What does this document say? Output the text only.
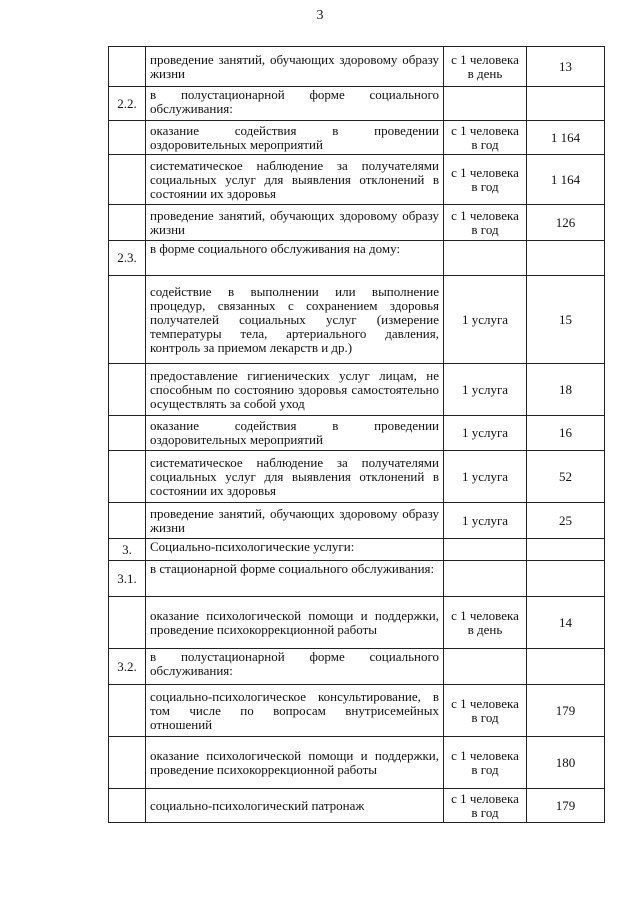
3
	проведение занятий, обучающих здоровому образу жизни	с 1 человека в день	13
2.2.	в полустационарной форме социального обслуживания:		
	оказание содействия в проведении оздоровительных мероприятий	с 1 человека в год	1 164
	систематическое наблюдение за получателями социальных услуг для выявления отклонений в состоянии их здоровья	с 1 человека в год	1 164
	проведение занятий, обучающих здоровому образу жизни	с 1 человека в год	126
2.3.	в форме социального обслуживания на дому:		
	содействие в выполнении или выполнение процедур, связанных с сохранением здоровья получателей социальных услуг (измерение температуры тела, артериального давления, контроль за приемом лекарств и др.)	1 услуга	15
	предоставление гигиенических услуг лицам, не способным по состоянию здоровья самостоятельно осуществлять за собой уход	1 услуга	18
	оказание содействия в проведении оздоровительных мероприятий	1 услуга	16
	систематическое наблюдение за получателями социальных услуг для выявления отклонений в состоянии их здоровья	1 услуга	52
	проведение занятий, обучающих здоровому образу жизни	1 услуга	25
3.	Социально-психологические услуги:		
3.1.	в стационарной форме социального обслуживания:		
	оказание психологической помощи и поддержки, проведение психокоррекционной работы	с 1 человека в день	14
3.2.	в полустационарной форме социального обслуживания:		
	социально-психологическое консультирование, в том числе по вопросам внутрисемейных отношений	с 1 человека в год	179
	оказание психологической помощи и поддержки, проведение психокоррекционной работы	с 1 человека в год	180
	социально-психологический патронаж	с 1 человека в год	179
